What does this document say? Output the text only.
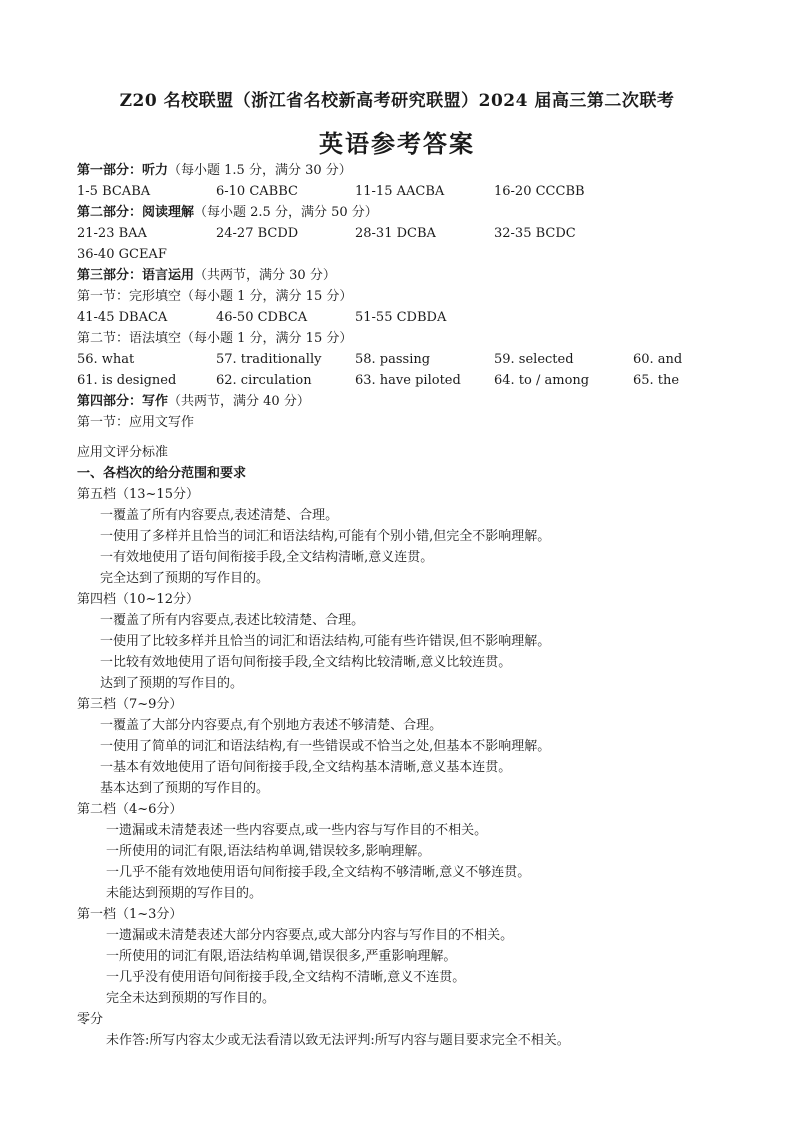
Z20 名校联盟（浙江省名校新高考研究联盟）2024 届高三第二次联考
英语参考答案
第一部分：听力（每小题 1.5 分，满分 30 分）
1-5 BCABA	6-10 CABBC	11-15 AACBA	16-20 CCCBB
第二部分：阅读理解（每小题 2.5 分，满分 50 分）
21-23 BAA	24-27 BCDD	28-31 DCBA	32-35 BCDC
36-40 GCEAF
第三部分：语言运用（共两节，满分 30 分）
第一节：完形填空（每小题 1 分，满分 15 分）
41-45 DBACA	46-50 CDBCA	51-55 CDBDA
第二节：语法填空（每小题 1 分，满分 15 分）
56. what	57. traditionally	58. passing	59. selected	60. and
61. is designed	62. circulation	63. have piloted	64. to / among	65. the
第四部分：写作（共两节，满分 40 分）
第一节：应用文写作
应用文评分标准
一、各档次的给分范围和要求
第五档（13~15分）
一覆盖了所有内容要点,表述清楚、合理。
一使用了多样并且恰当的词汇和语法结构,可能有个别小错,但完全不影响理解。
一有效地使用了语句间衔接手段,全文结构清晰,意义连贯。
完全达到了预期的写作目的。
第四档（10~12分）
一覆盖了所有内容要点,表述比较清楚、合理。
一使用了比较多样并且恰当的词汇和语法结构,可能有些许错误,但不影响理解。
一比较有效地使用了语句间衔接手段,全文结构比较清晰,意义比较连贯。
达到了预期的写作目的。
第三档（7~9分）
一覆盖了大部分内容要点,有个别地方表述不够清楚、合理。
一使用了简单的词汇和语法结构,有一些错误或不恰当之处,但基本不影响理解。
一基本有效地使用了语句间衔接手段,全文结构基本清晰,意义基本连贯。
基本达到了预期的写作目的。
第二档（4~6分）
一遗漏或未清楚表述一些内容要点,或一些内容与写作目的不相关。
一所使用的词汇有限,语法结构单调,错误较多,影响理解。
一几乎不能有效地使用语句间衔接手段,全文结构不够清晰,意义不够连贯。
未能达到预期的写作目的。
第一档（1~3分）
一遗漏或未清楚表述大部分内容要点,或大部分内容与写作目的不相关。
一所使用的词汇有限,语法结构单调,错误很多,严重影响理解。
一几乎没有使用语句间衔接手段,全文结构不清晰,意义不连贯。
完全未达到预期的写作目的。
零分
未作答:所写内容太少或无法看清以致无法评判:所写内容与题目要求完全不相关。
